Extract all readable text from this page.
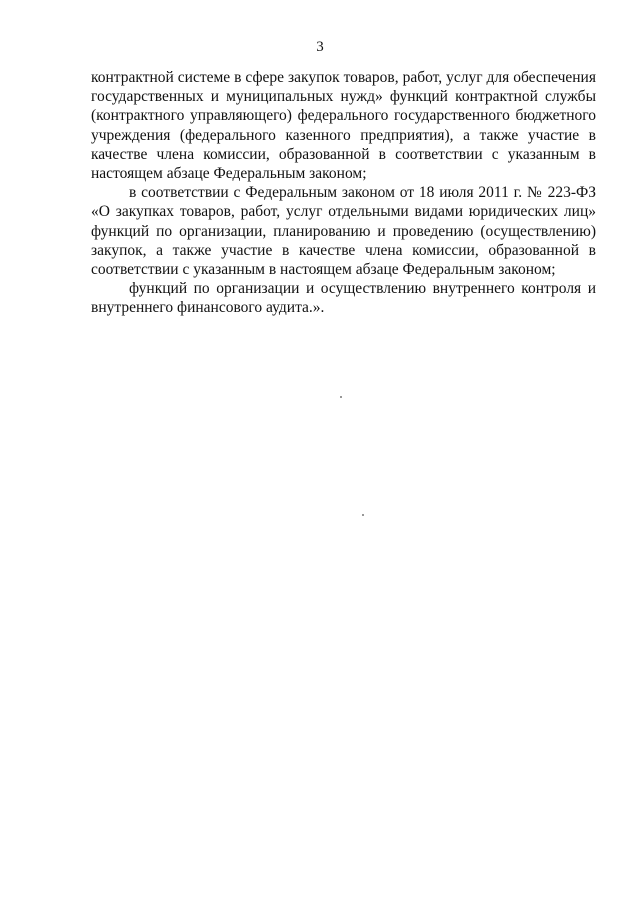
3
контрактной системе в сфере закупок товаров, работ, услуг для обеспечения
государственных и муниципальных нужд» функций контрактной службы
(контрактного управляющего) федерального государственного бюджетного
учреждения (федерального казенного предприятия), а также участие в
качестве члена комиссии, образованной в соответствии с указанным в
настоящем абзаце Федеральным законом;
в соответствии с Федеральным законом от 18 июля 2011 г. № 223-ФЗ
«О закупках товаров, работ, услуг отдельными видами юридических лиц»
функций по организации, планированию и проведению (осуществлению)
закупок, а также участие в качестве члена комиссии, образованной в
соответствии с указанным в настоящем абзаце Федеральным законом;
функций по организации и осуществлению внутреннего контроля и
внутреннего финансового аудита.».
